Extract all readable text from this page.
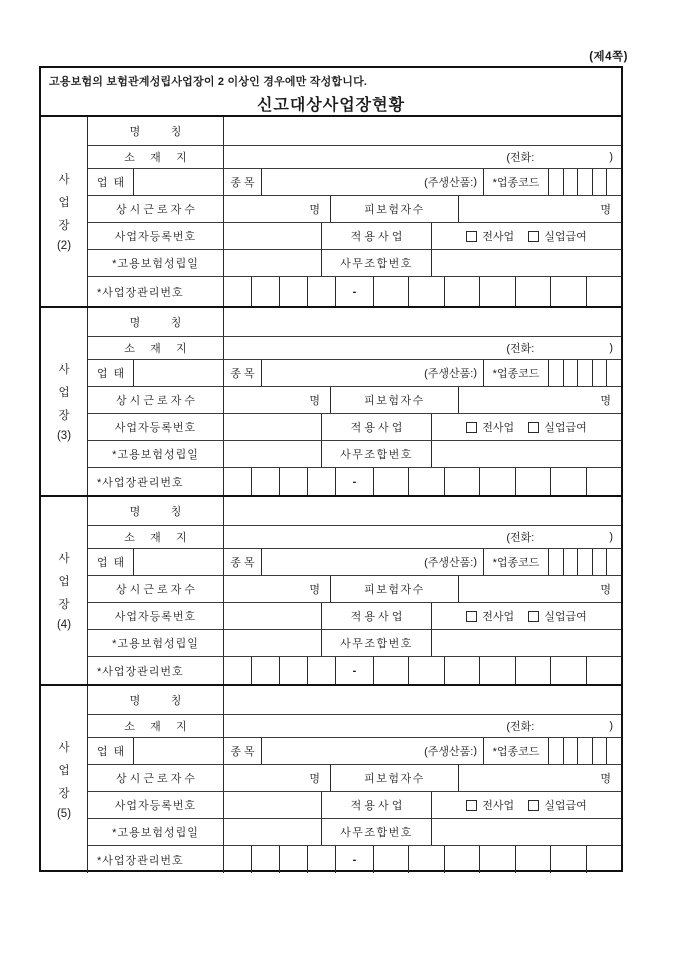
(제4쪽)
고용보험의 보험관계성립사업장이 2 이상인 경우에만 작성합니다.
신고대상사업장현황
사
업
장
(2)
명          칭
소     재     지	(전화:	)
업  태	종 목	(주생산품: )	*업종코드
상 시 근 로 자 수	명	피보험자수	명
사업자등록번호	적 용 사 업	전사업	실업급여
*고용보험성립일	사무조합번호
*사업장관리번호	-
사
업
장
(3)
명          칭
소     재     지	(전화:	)
업  태	종 목	(주생산품: )	*업종코드
상 시 근 로 자 수	명	피보험자수	명
사업자등록번호	적 용 사 업	전사업	실업급여
*고용보험성립일	사무조합번호
*사업장관리번호	-
사
업
장
(4)
명          칭
소     재     지	(전화:	)
업  태	종 목	(주생산품: )	*업종코드
상 시 근 로 자 수	명	피보험자수	명
사업자등록번호	적 용 사 업	전사업	실업급여
*고용보험성립일	사무조합번호
*사업장관리번호	-
사
업
장
(5)
명          칭
소     재     지	(전화:	)
업  태	종 목	(주생산품: )	*업종코드
상 시 근 로 자 수	명	피보험자수	명
사업자등록번호	적 용 사 업	전사업	실업급여
*고용보험성립일	사무조합번호
*사업장관리번호	-
